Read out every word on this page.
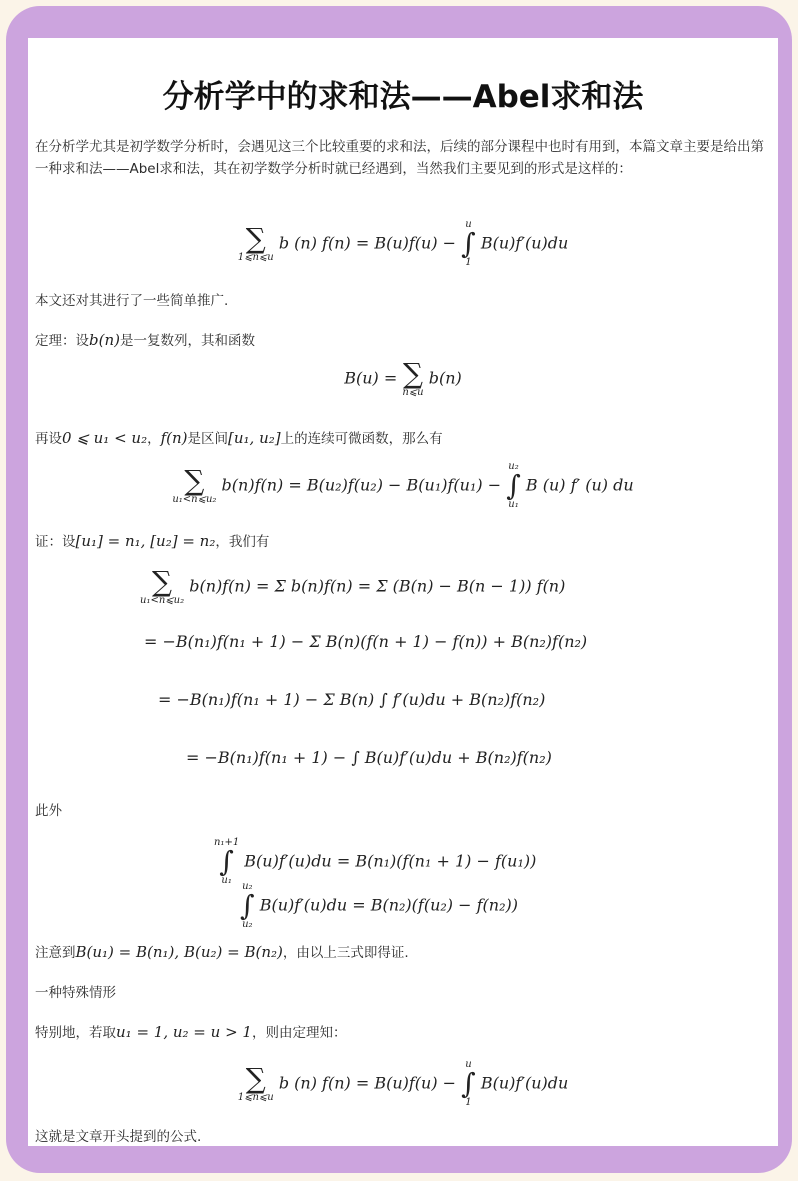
分析学中的求和法——Abel求和法
在分析学尤其是初学数学分析时，会遇见这三个比较重要的求和法，后续的部分课程中也时有用到，本篇文章主要是给出第一种求和法——Abel求和法，其在初学数学分析时就已经遇到，当然我们主要见到的形式是这样的：
∑
1⩽n⩽u
b (n) f(n) = B(u)f(u) −
u
∫
1
B(u)f′(u)du
本文还对其进行了一些简单推广.
定理：设b(n)是一复数列，其和函数
B(u) = ∑
n⩽u
b(n)
再设0 ⩽ u₁ < u₂，f(n)是区间[u₁, u₂]上的连续可微函数，那么有
∑
u₁<n⩽u₂
b(n)f(n) = B(u₂)f(u₂) − B(u₁)f(u₁) −
u₂
∫
u₁
B (u) f′ (u) du
证：设[u₁] = n₁, [u₂] = n₂，我们有
∑
u₁<n⩽u₂
b(n)f(n) = Σ b(n)f(n) = Σ (B(n) − B(n − 1)) f(n)
= −B(n₁)f(n₁ + 1) − Σ B(n)(f(n + 1) − f(n)) + B(n₂)f(n₂)
= −B(n₁)f(n₁ + 1) − Σ B(n) ∫ f′(u)du + B(n₂)f(n₂)
= −B(n₁)f(n₁ + 1) − ∫ B(u)f′(u)du + B(n₂)f(n₂)
此外
n₁+1
∫
u₁
B(u)f′(u)du = B(n₁)(f(n₁ + 1) − f(u₁))
u₂
∫
u₂
B(u)f′(u)du = B(n₂)(f(u₂) − f(n₂))
注意到B(u₁) = B(n₁), B(u₂) = B(n₂)，由以上三式即得证.
一种特殊情形
特别地，若取u₁ = 1, u₂ = u > 1，则由定理知：
∑
1⩽n⩽u
b (n) f(n) = B(u)f(u) −
u
∫
1
B(u)f′(u)du
这就是文章开头提到的公式.
